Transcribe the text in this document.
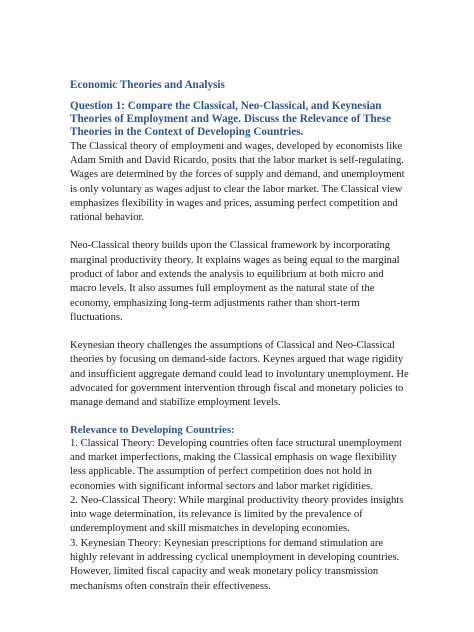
Economic Theories and Analysis
Question 1: Compare the Classical, Neo-Classical, and Keynesian Theories of Employment and Wage. Discuss the Relevance of These Theories in the Context of Developing Countries.

The Classical theory of employment and wages, developed by economists like Adam Smith and David Ricardo, posits that the labor market is self-regulating. Wages are determined by the forces of supply and demand, and unemployment is only voluntary as wages adjust to clear the labor market. The Classical view emphasizes flexibility in wages and prices, assuming perfect competition and rational behavior.

Neo-Classical theory builds upon the Classical framework by incorporating marginal productivity theory. It explains wages as being equal to the marginal product of labor and extends the analysis to equilibrium at both micro and macro levels. It also assumes full employment as the natural state of the economy, emphasizing long-term adjustments rather than short-term fluctuations.

Keynesian theory challenges the assumptions of Classical and Neo-Classical theories by focusing on demand-side factors. Keynes argued that wage rigidity and insufficient aggregate demand could lead to involuntary unemployment. He advocated for government intervention through fiscal and monetary policies to manage demand and stabilize employment levels.

Relevance to Developing Countries:
1. Classical Theory: Developing countries often face structural unemployment and market imperfections, making the Classical emphasis on wage flexibility less applicable. The assumption of perfect competition does not hold in economies with significant informal sectors and labor market rigidities.
2. Neo-Classical Theory: While marginal productivity theory provides insights into wage determination, its relevance is limited by the prevalence of underemployment and skill mismatches in developing economies.
3. Keynesian Theory: Keynesian prescriptions for demand stimulation are highly relevant in addressing cyclical unemployment in developing countries. However, limited fiscal capacity and weak monetary policy transmission mechanisms often constrain their effectiveness.
